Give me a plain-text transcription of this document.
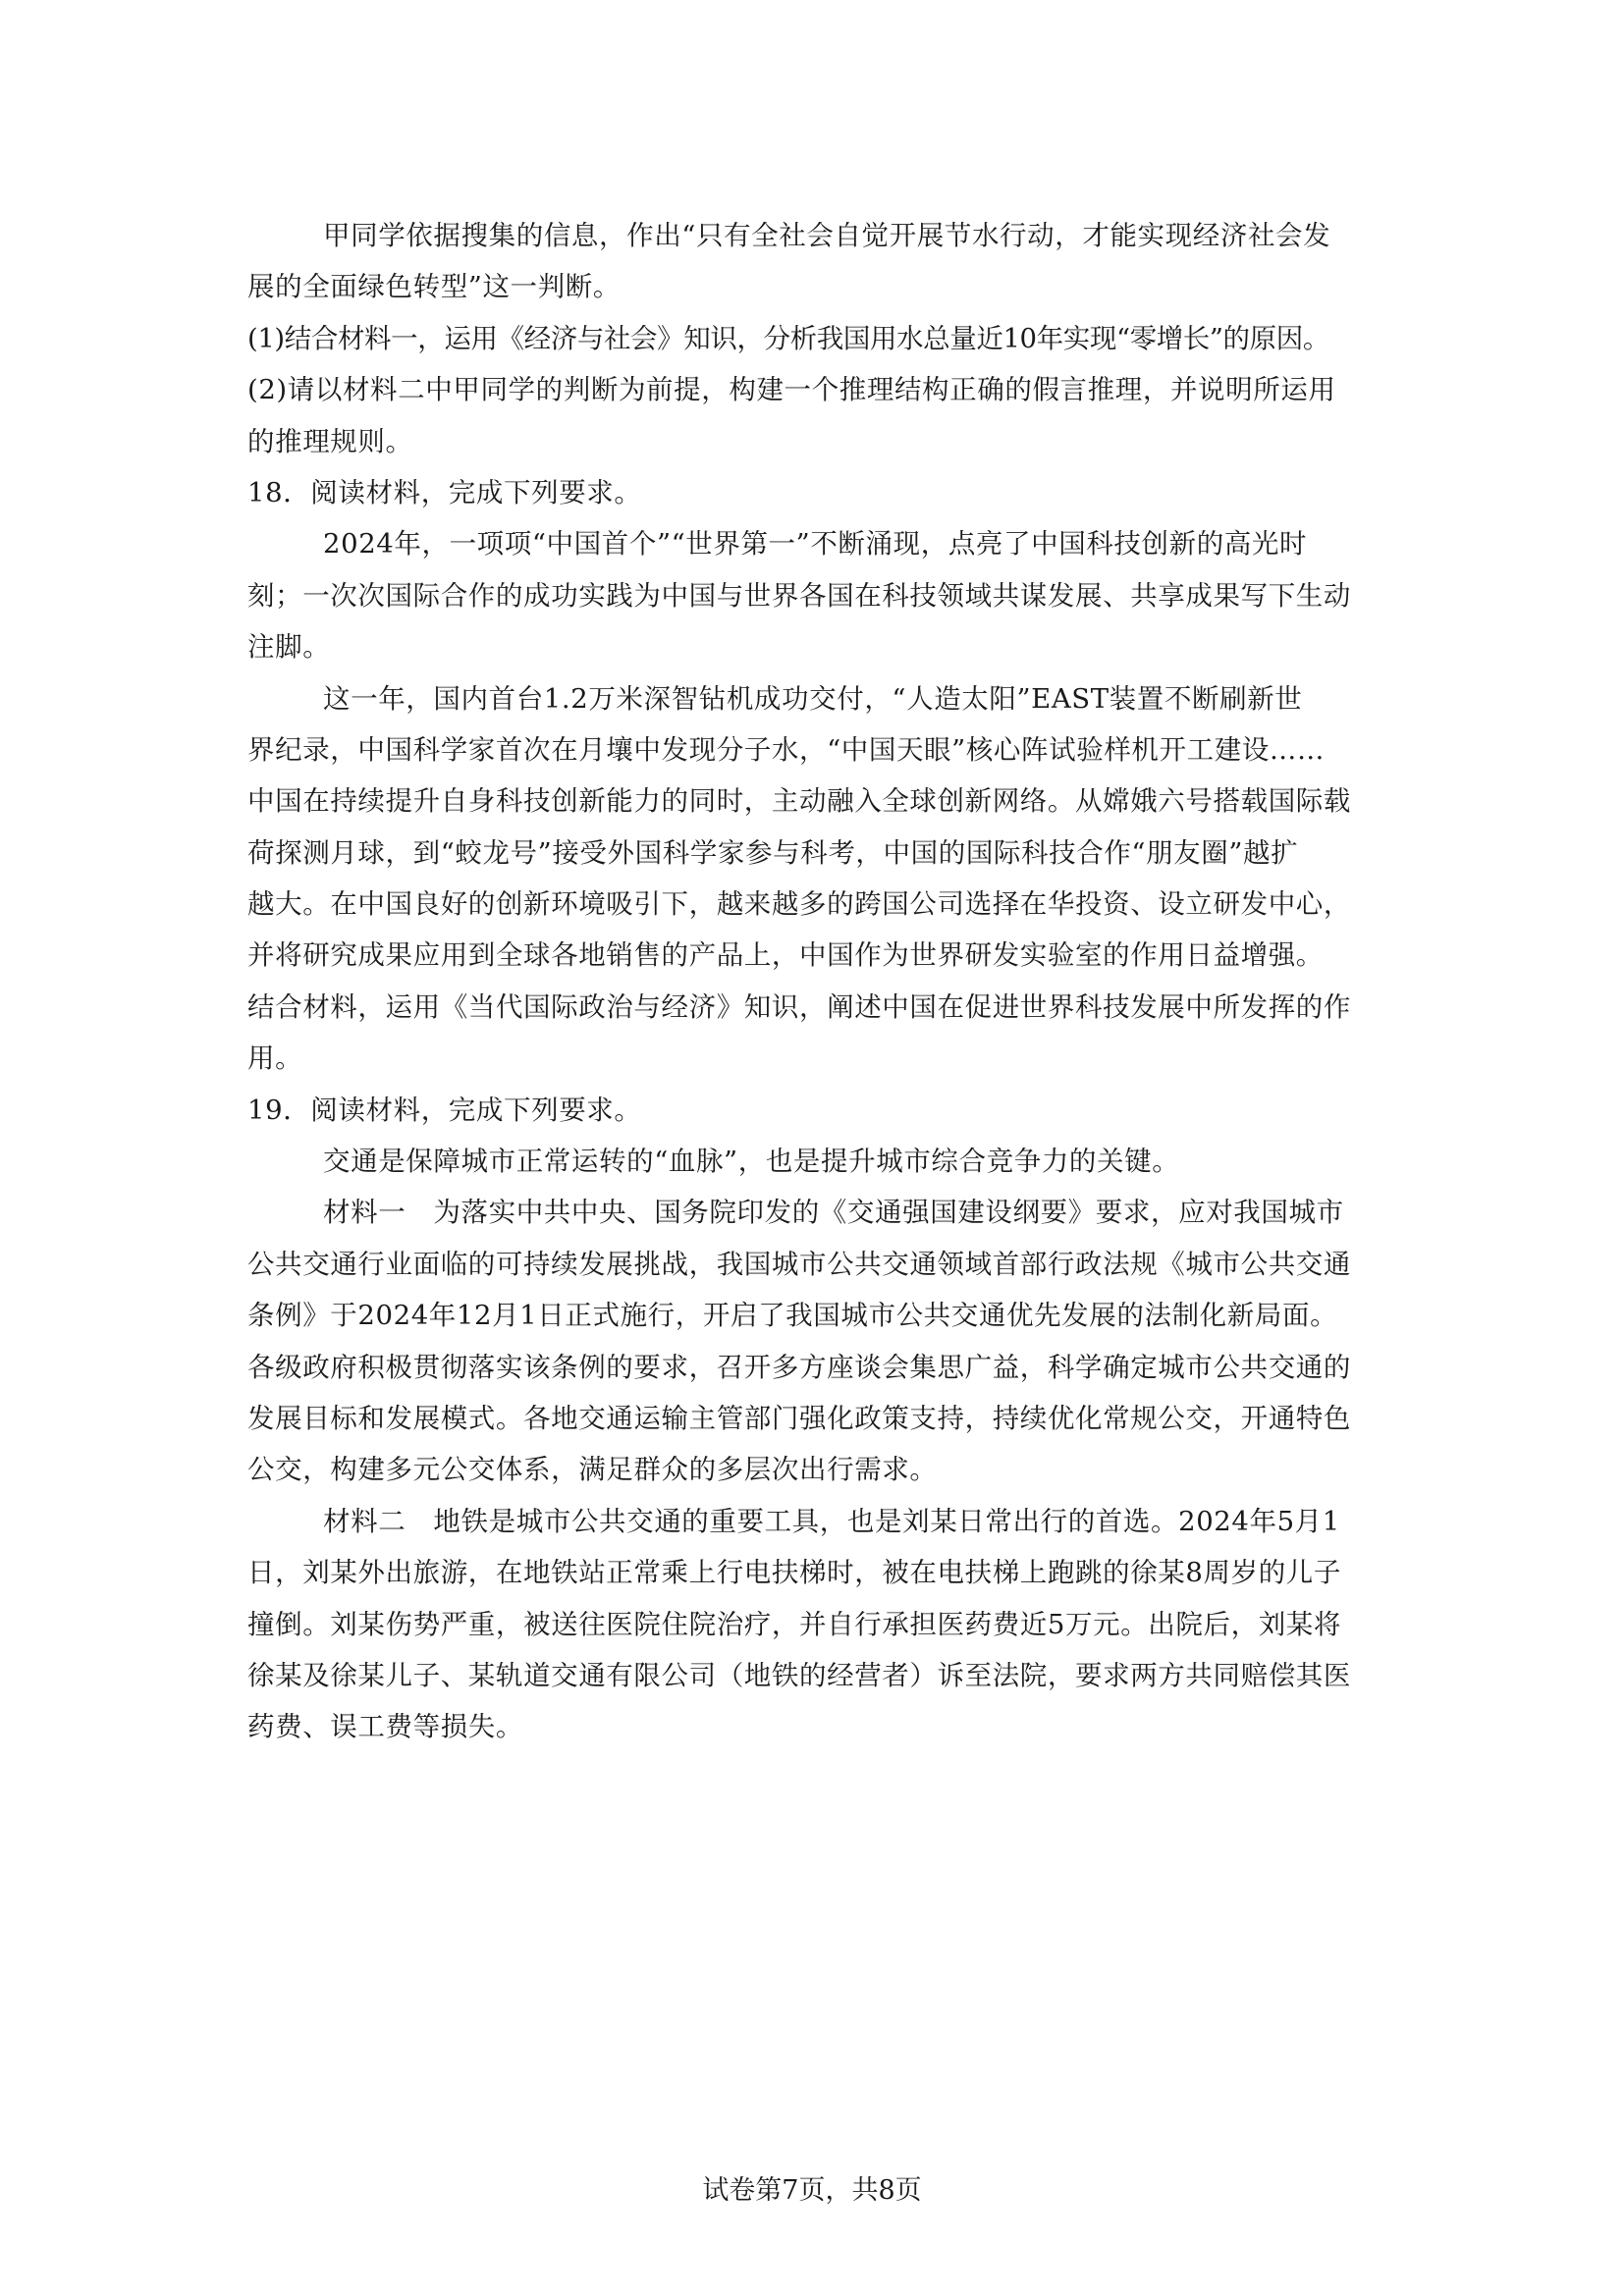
甲同学依据搜集的信息，作出“只有全社会自觉开展节水行动，才能实现经济社会发
展的全面绿色转型”这一判断。
(1)结合材料一，运用《经济与社会》知识，分析我国用水总量近10年实现“零增长”的原因。
(2)请以材料二中甲同学的判断为前提，构建一个推理结构正确的假言推理，并说明所运用
的推理规则。
18．阅读材料，完成下列要求。
2024年，一项项“中国首个”“世界第一”不断涌现，点亮了中国科技创新的高光时
刻；一次次国际合作的成功实践为中国与世界各国在科技领域共谋发展、共享成果写下生动
注脚。
这一年，国内首台1.2万米深智钻机成功交付，“人造太阳”EAST装置不断刷新世
界纪录，中国科学家首次在月壤中发现分子水，“中国天眼”核心阵试验样机开工建设……
中国在持续提升自身科技创新能力的同时，主动融入全球创新网络。从嫦娥六号搭载国际载
荷探测月球，到“蛟龙号”接受外国科学家参与科考，中国的国际科技合作“朋友圈”越扩
越大。在中国良好的创新环境吸引下，越来越多的跨国公司选择在华投资、设立研发中心，
并将研究成果应用到全球各地销售的产品上，中国作为世界研发实验室的作用日益增强。
结合材料，运用《当代国际政治与经济》知识，阐述中国在促进世界科技发展中所发挥的作
用。
19．阅读材料，完成下列要求。
交通是保障城市正常运转的“血脉”，也是提升城市综合竞争力的关键。
材料一　为落实中共中央、国务院印发的《交通强国建设纲要》要求，应对我国城市
公共交通行业面临的可持续发展挑战，我国城市公共交通领域首部行政法规《城市公共交通
条例》于2024年12月1日正式施行，开启了我国城市公共交通优先发展的法制化新局面。
各级政府积极贯彻落实该条例的要求，召开多方座谈会集思广益，科学确定城市公共交通的
发展目标和发展模式。各地交通运输主管部门强化政策支持，持续优化常规公交，开通特色
公交，构建多元公交体系，满足群众的多层次出行需求。
材料二　地铁是城市公共交通的重要工具，也是刘某日常出行的首选。2024年5月1
日，刘某外出旅游，在地铁站正常乘上行电扶梯时，被在电扶梯上跑跳的徐某8周岁的儿子
撞倒。刘某伤势严重，被送往医院住院治疗，并自行承担医药费近5万元。出院后，刘某将
徐某及徐某儿子、某轨道交通有限公司（地铁的经营者）诉至法院，要求两方共同赔偿其医
药费、误工费等损失。
试卷第7页，共8页
